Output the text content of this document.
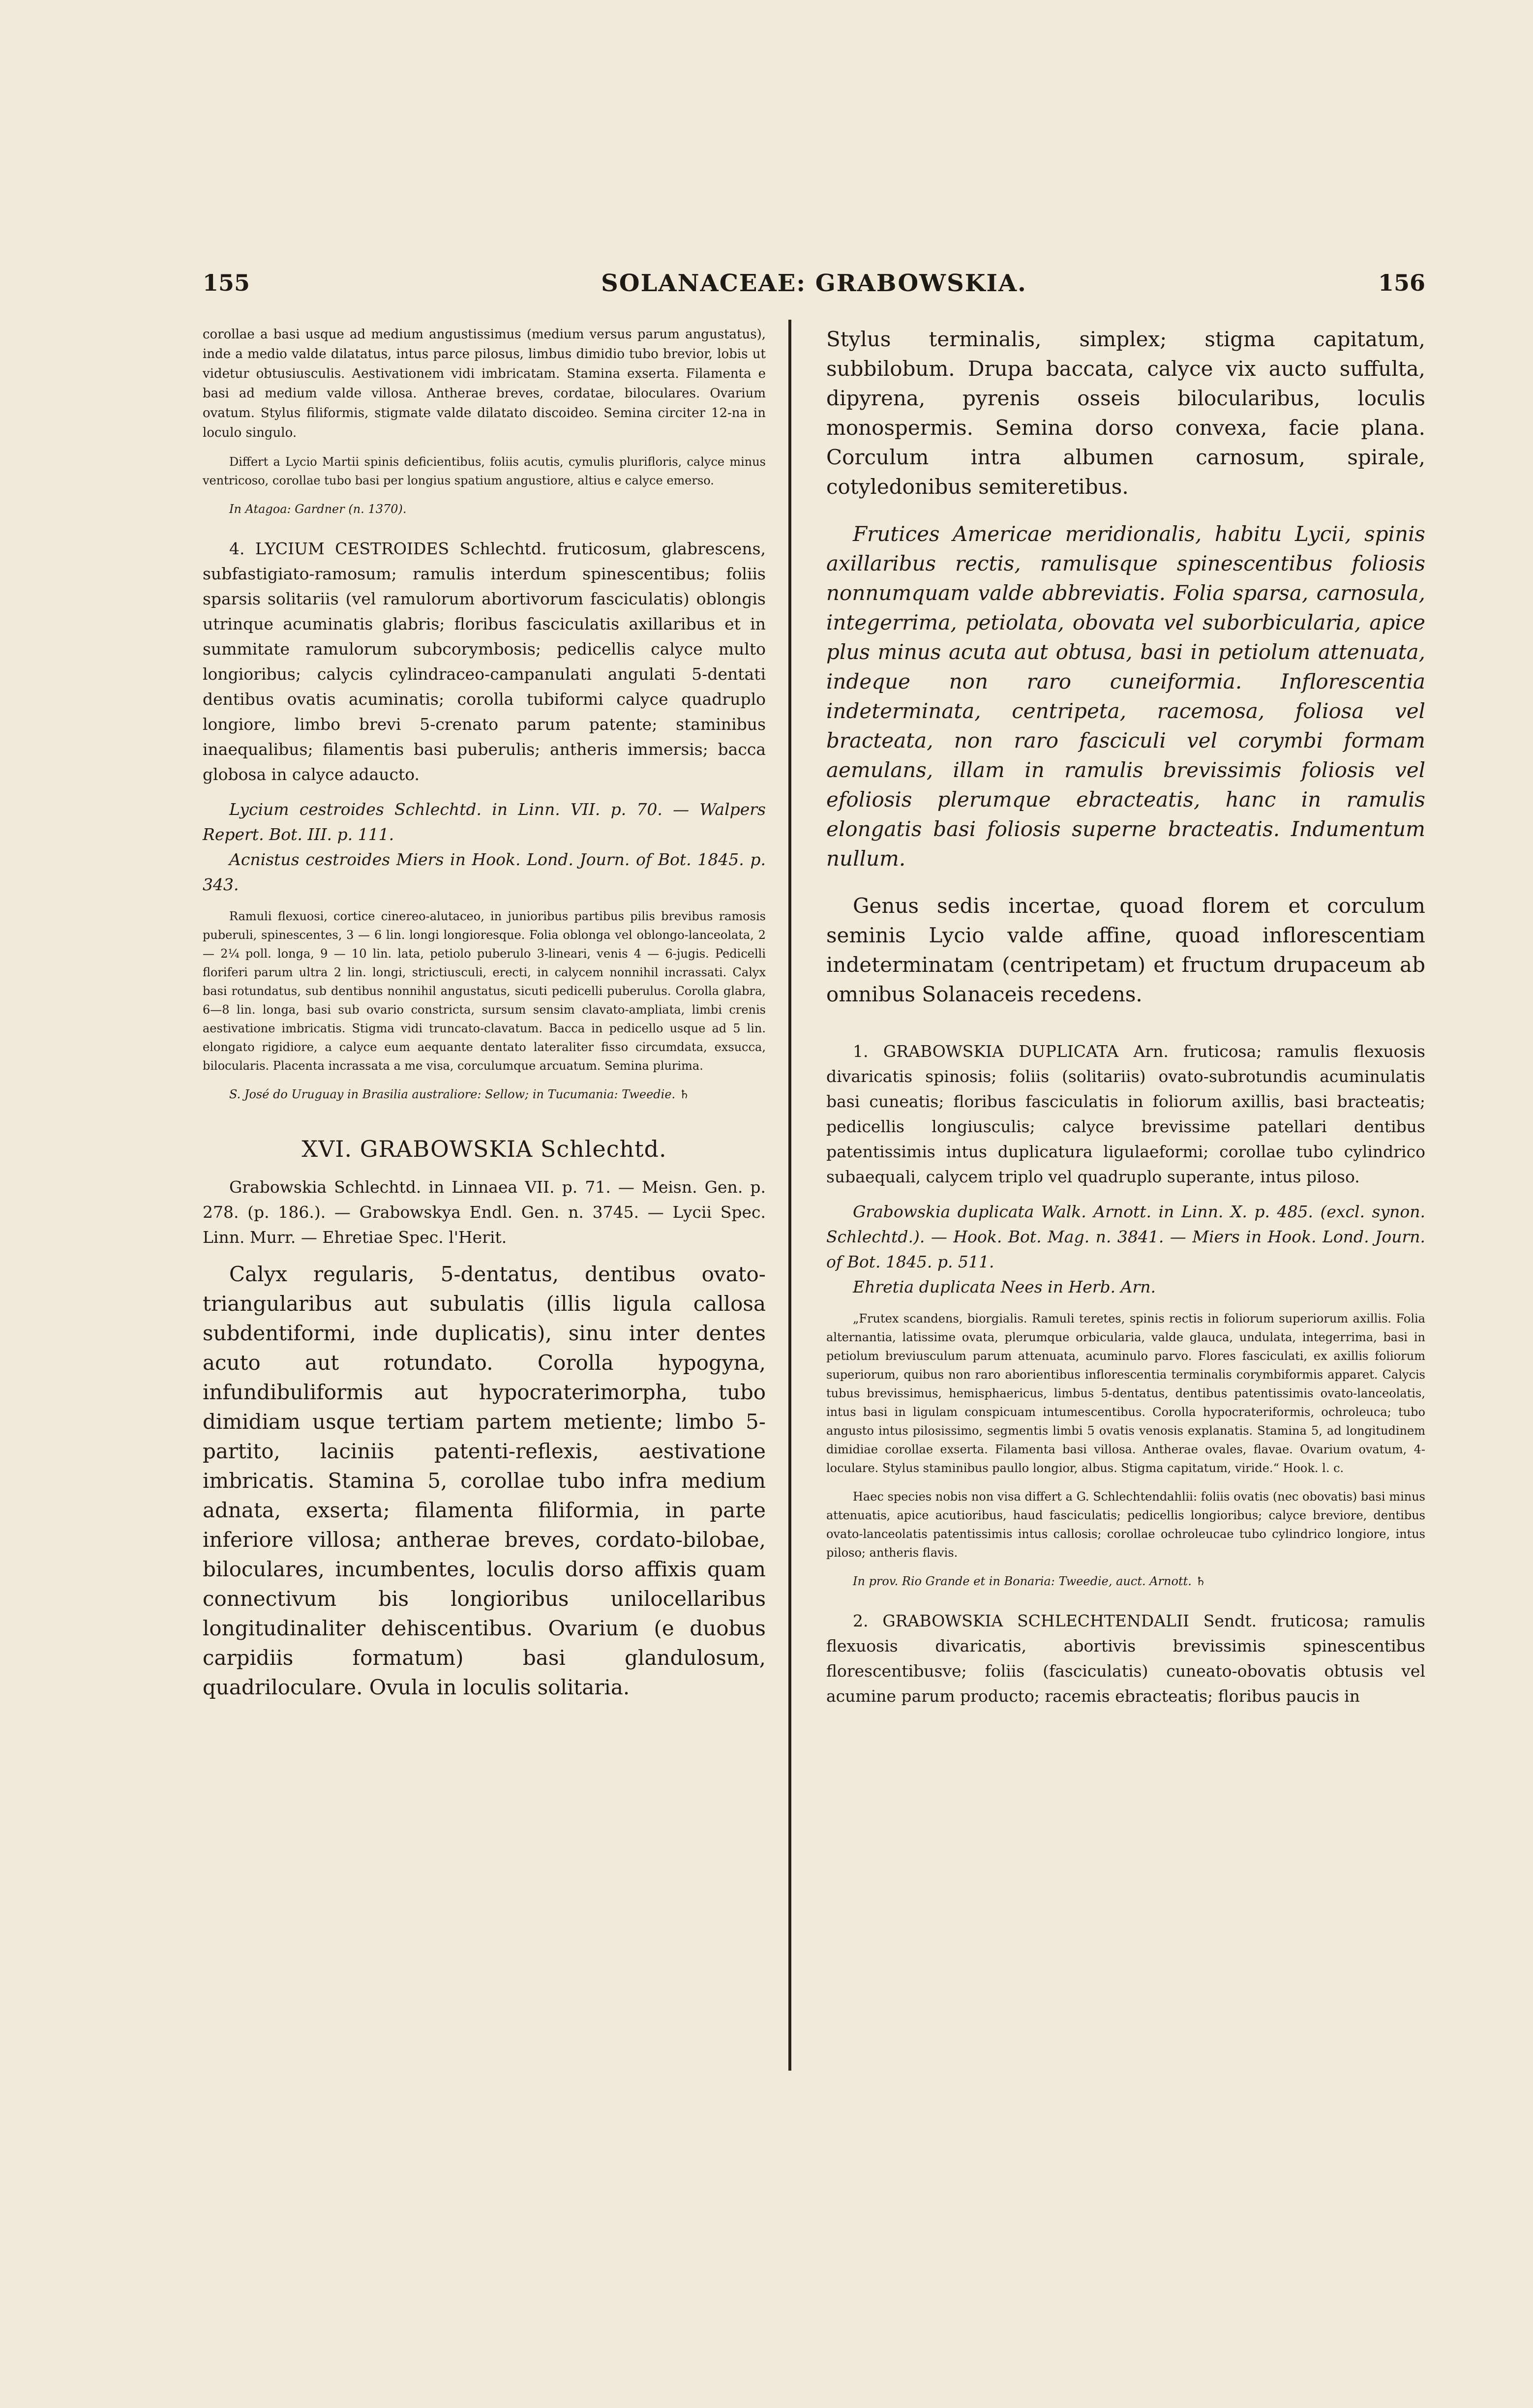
155	SOLANACEAE: GRABOWSKIA.	156

corollae a basi usque ad medium angustissimus (medium versus parum angustatus), inde a medio valde dilatatus, intus parce pilosus, limbus dimidio tubo brevior, lobis ut videtur obtusiusculis. Aestivationem vidi imbricatam. Stamina exserta. Filamenta e basi ad medium valde villosa. Antherae breves, cordatae, biloculares. Ovarium ovatum. Stylus filiformis, stigmate valde dilatato discoideo. Semina circiter 12-na in loculo singulo.

Differt a Lycio Martii spinis deficientibus, foliis acutis, cymulis plurifloris, calyce minus ventricoso, corollae tubo basi per longius spatium angustiore, altius e calyce emerso.

In Atagoa: Gardner (n. 1370).

4. LYCIUM CESTROIDES Schlechtd. fruticosum, glabrescens, subfastigiato-ramosum; ramulis interdum spinescentibus; foliis sparsis solitariis (vel ramulorum abortivorum fasciculatis) oblongis utrinque acuminatis glabris; floribus fasciculatis axillaribus et in summitate ramulorum subcorymbosis; pedicellis calyce multo longioribus; calycis cylindraceo-campanulati angulati 5-dentati dentibus ovatis acuminatis; corolla tubiformi calyce quadruplo longiore, limbo brevi 5-crenato parum patente; staminibus inaequalibus; filamentis basi puberulis; antheris immersis; bacca globosa in calyce adaucto.

Lycium cestroides Schlechtd. in Linn. VII. p. 70. — Walpers Repert. Bot. III. p. 111.

Acnistus cestroides Miers in Hook. Lond. Journ. of Bot. 1845. p. 343.

Ramuli flexuosi, cortice cinereo-alutaceo, in junioribus partibus pilis brevibus ramosis puberuli, spinescentes, 3 — 6 lin. longi longioresque. Folia oblonga vel oblongo-lanceolata, 2 — 2¼ poll. longa, 9 — 10 lin. lata, petiolo puberulo 3-lineari, venis 4 — 6-jugis. Pedicelli floriferi parum ultra 2 lin. longi, strictiusculi, erecti, in calycem nonnihil incrassati. Calyx basi rotundatus, sub dentibus nonnihil angustatus, sicuti pedicelli puberulus. Corolla glabra, 6—8 lin. longa, basi sub ovario constricta, sursum sensim clavato-ampliata, limbi crenis aestivatione imbricatis. Stigma vidi truncato-clavatum. Bacca in pedicello usque ad 5 lin. elongato rigidiore, a calyce eum aequante dentato lateraliter fisso circumdata, exsucca, bilocularis. Placenta incrassata a me visa, corculumque arcuatum. Semina plurima.

S. José do Uruguay in Brasilia australiore: Sellow; in Tucumania: Tweedie. ♄

XVI. GRABOWSKIA Schlechtd.

Grabowskia Schlechtd. in Linnaea VII. p. 71. — Meisn. Gen. p. 278. (p. 186.). — Grabowskya Endl. Gen. n. 3745. — Lycii Spec. Linn. Murr. — Ehretiae Spec. l'Herit.

Calyx regularis, 5-dentatus, dentibus ovato-triangularibus aut subulatis (illis ligula callosa subdentiformi, inde duplicatis), sinu inter dentes acuto aut rotundato. Corolla hypogyna, infundibuliformis aut hypocraterimorpha, tubo dimidiam usque tertiam partem metiente; limbo 5-partito, laciniis patenti-reflexis, aestivatione imbricatis. Stamina 5, corollae tubo infra medium adnata, exserta; filamenta filiformia, in parte inferiore villosa; antherae breves, cordato-bilobae, biloculares, incumbentes, loculis dorso affixis quam connectivum bis longioribus unilocellaribus longitudinaliter dehiscentibus. Ovarium (e duobus carpidiis formatum) basi glandulosum, quadriloculare. Ovula in loculis solitaria.

Stylus terminalis, simplex; stigma capitatum, subbilobum. Drupa baccata, calyce vix aucto suffulta, dipyrena, pyrenis osseis bilocularibus, loculis monospermis. Semina dorso convexa, facie plana. Corculum intra albumen carnosum, spirale, cotyledonibus semiteretibus.

Frutices Americae meridionalis, habitu Lycii, spinis axillaribus rectis, ramulisque spinescentibus foliosis nonnumquam valde abbreviatis. Folia sparsa, carnosula, integerrima, petiolata, obovata vel suborbicularia, apice plus minus acuta aut obtusa, basi in petiolum attenuata, indeque non raro cuneiformia. Inflorescentia indeterminata, centripeta, racemosa, foliosa vel bracteata, non raro fasciculi vel corymbi formam aemulans, illam in ramulis brevissimis foliosis vel efoliosis plerumque ebracteatis, hanc in ramulis elongatis basi foliosis superne bracteatis. Indumentum nullum.

Genus sedis incertae, quoad florem et corculum seminis Lycio valde affine, quoad inflorescentiam indeterminatam (centripetam) et fructum drupaceum ab omnibus Solanaceis recedens.

1. GRABOWSKIA DUPLICATA Arn. fruticosa; ramulis flexuosis divaricatis spinosis; foliis (solitariis) ovato-subrotundis acuminulatis basi cuneatis; floribus fasciculatis in foliorum axillis, basi bracteatis; pedicellis longiusculis; calyce brevissime patellari dentibus patentissimis intus duplicatura ligulaeformi; corollae tubo cylindrico subaequali, calycem triplo vel quadruplo superante, intus piloso.

Grabowskia duplicata Walk. Arnott. in Linn. X. p. 485. (excl. synon. Schlechtd.). — Hook. Bot. Mag. n. 3841. — Miers in Hook. Lond. Journ. of Bot. 1845. p. 511.

Ehretia duplicata Nees in Herb. Arn.

„Frutex scandens, biorgialis. Ramuli teretes, spinis rectis in foliorum superiorum axillis. Folia alternantia, latissime ovata, plerumque orbicularia, valde glauca, undulata, integerrima, basi in petiolum breviusculum parum attenuata, acuminulo parvo. Flores fasciculati, ex axillis foliorum superiorum, quibus non raro aborientibus inflorescentia terminalis corymbiformis apparet. Calycis tubus brevissimus, hemisphaericus, limbus 5-dentatus, dentibus patentissimis ovato-lanceolatis, intus basi in ligulam conspicuam intumescentibus. Corolla hypocrateriformis, ochroleuca; tubo angusto intus pilosissimo, segmentis limbi 5 ovatis venosis explanatis. Stamina 5, ad longitudinem dimidiae corollae exserta. Filamenta basi villosa. Antherae ovales, flavae. Ovarium ovatum, 4-loculare. Stylus staminibus paullo longior, albus. Stigma capitatum, viride.“ Hook. l. c.

Haec species nobis non visa differt a G. Schlechtendahlii: foliis ovatis (nec obovatis) basi minus attenuatis, apice acutioribus, haud fasciculatis; pedicellis longioribus; calyce breviore, dentibus ovato-lanceolatis patentissimis intus callosis; corollae ochroleucae tubo cylindrico longiore, intus piloso; antheris flavis.

In prov. Rio Grande et in Bonaria: Tweedie, auct. Arnott. ♄

2. GRABOWSKIA SCHLECHTENDALII Sendt. fruticosa; ramulis flexuosis divaricatis, abortivis brevissimis spinescentibus florescentibusve; foliis (fasciculatis) cuneato-obovatis obtusis vel acumine parum producto; racemis ebracteatis; floribus paucis in
